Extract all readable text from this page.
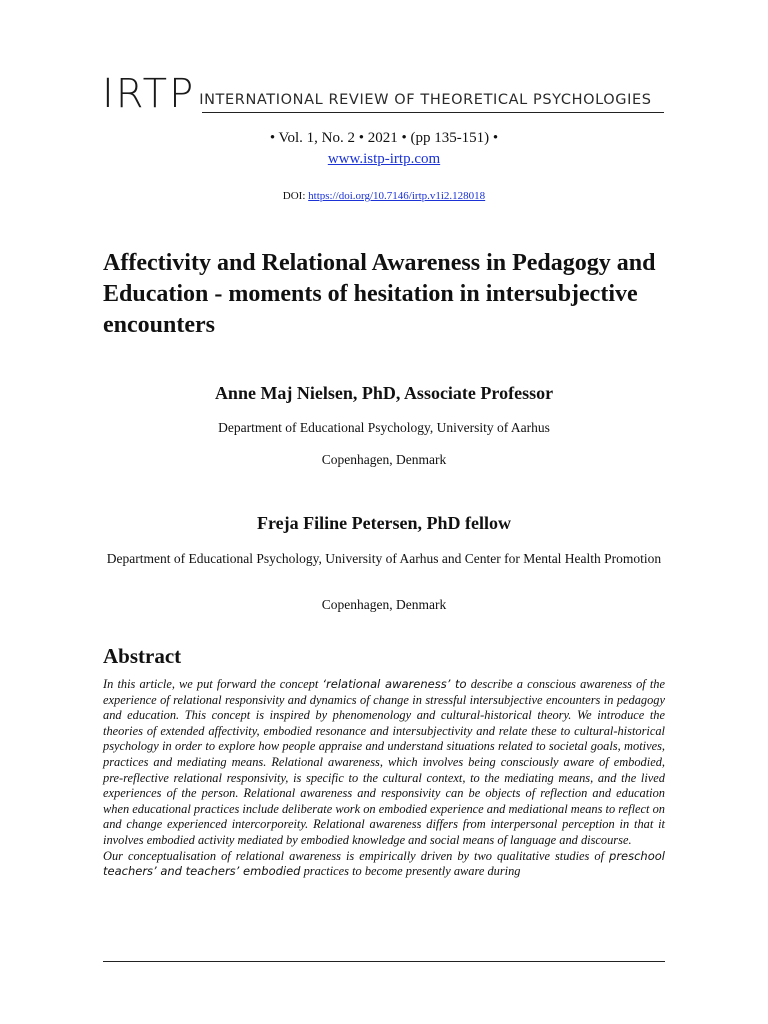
IRTP INTERNATIONAL REVIEW OF THEORETICAL PSYCHOLOGIES
• Vol. 1, No. 2 • 2021 • (pp 135-151) •
www.istp-irtp.com
DOI: https://doi.org/10.7146/irtp.v1i2.128018
Affectivity and Relational Awareness in Pedagogy and Education - moments of hesitation in intersubjective encounters
Anne Maj Nielsen, PhD, Associate Professor
Department of Educational Psychology, University of Aarhus
Copenhagen, Denmark
Freja Filine Petersen, PhD fellow
Department of Educational Psychology, University of Aarhus and Center for Mental Health Promotion
Copenhagen, Denmark
Abstract

In this article, we put forward the concept ‘relational awareness’ to describe a conscious awareness of the experience of relational responsivity and dynamics of change in stressful intersubjective encounters in pedagogy and education. This concept is inspired by phenomenology and cultural-historical theory. We introduce the theories of extended affectivity, embodied resonance and intersubjectivity and relate these to cultural-historical psychology in order to explore how people appraise and understand situations related to societal goals, motives, practices and mediating means. Relational awareness, which involves being consciously aware of embodied, pre-reflective relational responsivity, is specific to the cultural context, to the mediating means, and the lived experiences of the person. Relational awareness and responsivity can be objects of reflection and education when educational practices include deliberate work on embodied experience and mediational means to reflect on and change experienced intercorporeity. Relational awareness differs from interpersonal perception in that it involves embodied activity mediated by embodied knowledge and social means of language and discourse.

Our conceptualisation of relational awareness is empirically driven by two qualitative studies of preschool teachers’ and teachers’ embodied practices to become presently aware during
